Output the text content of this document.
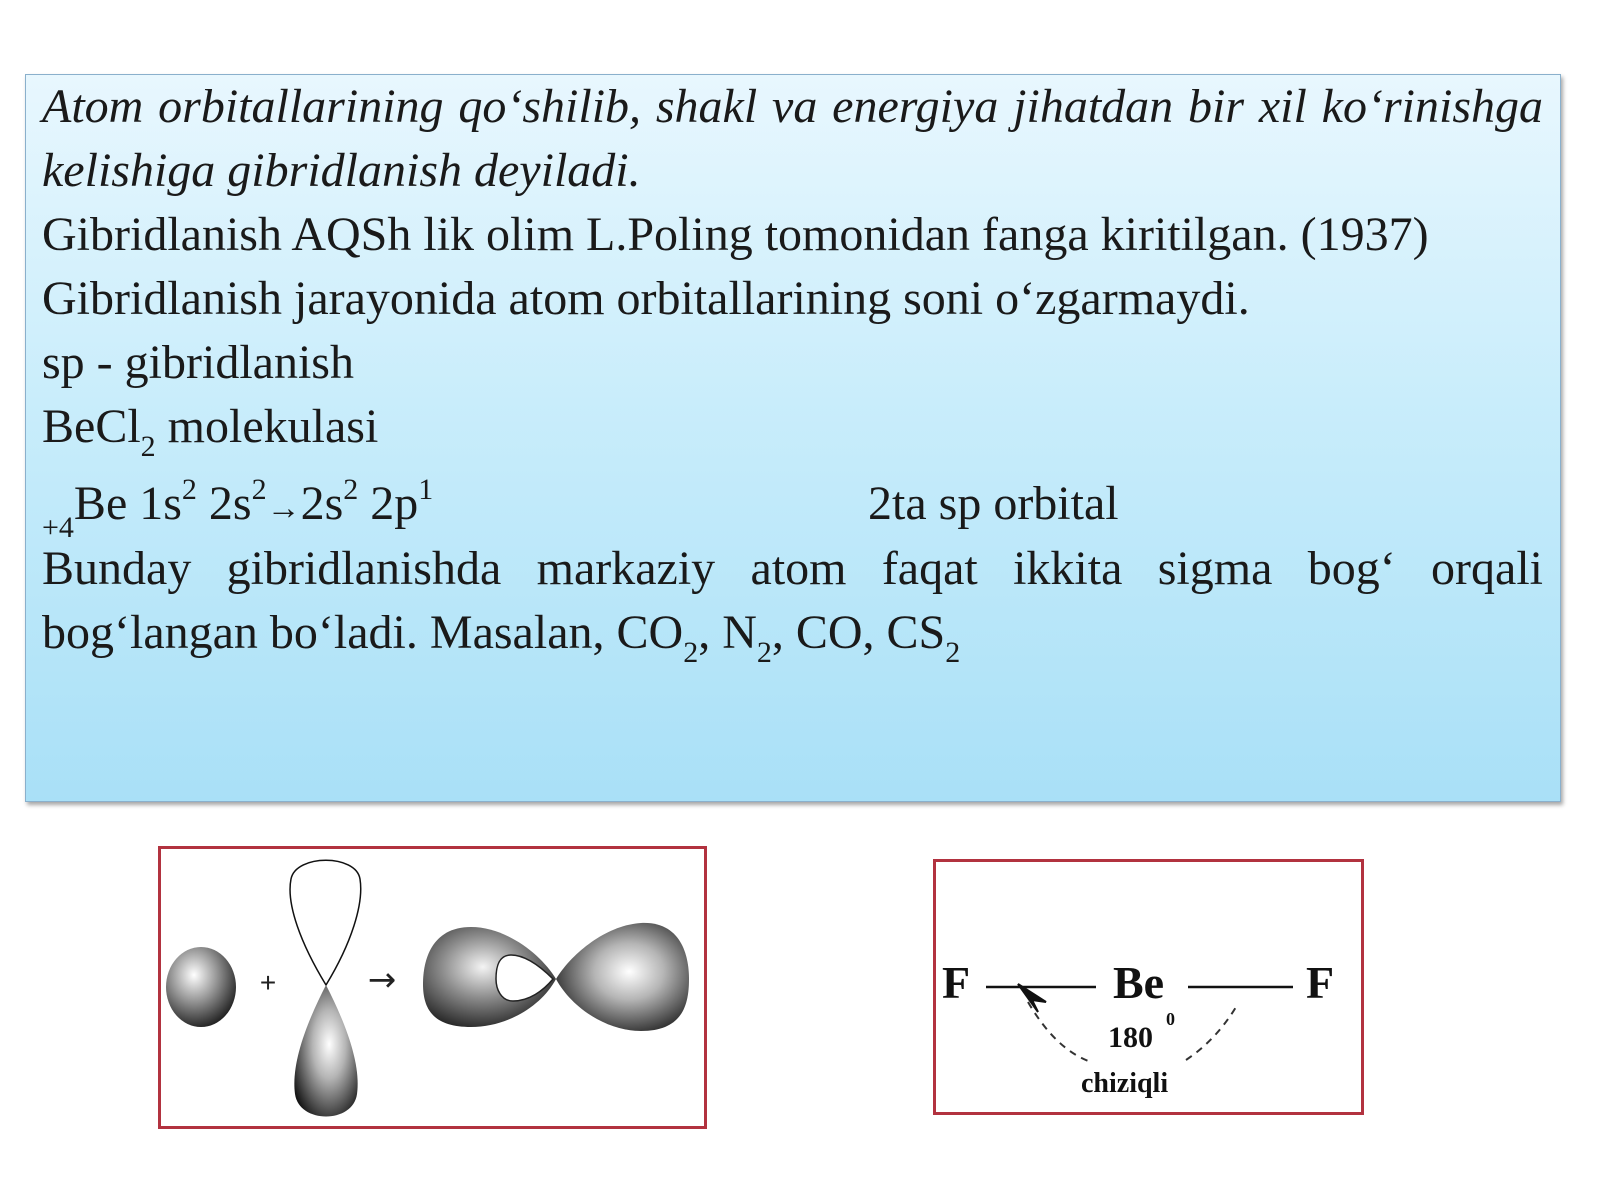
Atom orbitallarining qo‘shilib, shakl va energiya jihatdan bir xil ko‘rinishga kelishiga gibridlanish deyiladi.

Gibridlanish AQSh lik olim L.Poling tomonidan fanga kiritilgan. (1937)

Gibridlanish jarayonida atom orbitallarining soni o‘zgarmaydi.
sp - gibridlanish
BeCl$_2$ molekulasi
$_{+4}$Be $1s^2$ $2s^2\to 2s^2$ $2p^1$	2ta sp orbital

Bunday gibridlanishda markaziy atom faqat ikkita sigma bog‘ orqali bog‘langan bo‘ladi. Masalan, $CO_2$, $N_2$, CO, $CS_2$

+	→	F	Be	F
180
0
chiziqli
